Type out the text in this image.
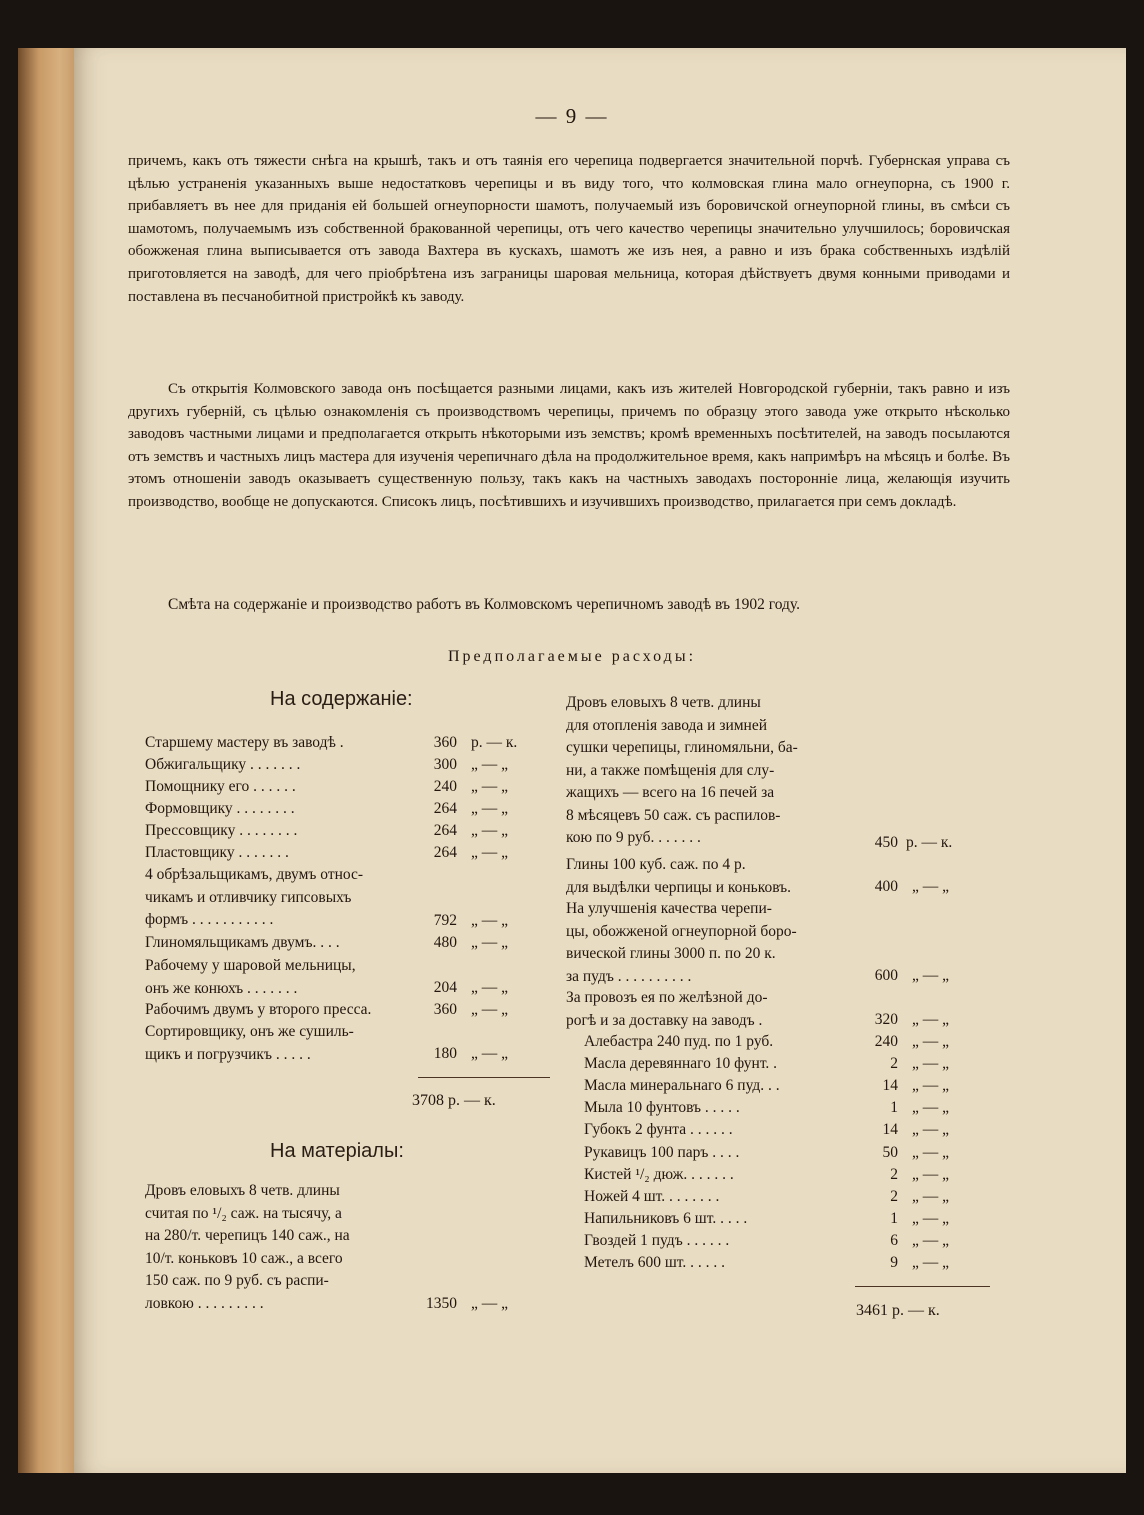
— 9 —
причемъ, какъ отъ тяжести снѣга на крышѣ, такъ и отъ таянія его черепица подвергается значительной порчѣ. Губернская управа съ цѣлью устраненія указанныхъ выше недостатковъ черепицы и въ виду того, что колмовская глина мало огнеупорна, съ 1900 г. прибавляетъ въ нее для приданія ей большей огнеупорности шамотъ, получаемый изъ боровичской огнеупорной глины, въ смѣси съ шамотомъ, получаемымъ изъ собственной бракованной черепицы, отъ чего качество черепицы значительно улучшилось; боровичская обожженая глина выписывается отъ завода Вахтера въ кускахъ, шамотъ же изъ нея, а равно и изъ брака собственныхъ издѣлій приготовляется на заводѣ, для чего пріобрѣтена изъ заграницы шаровая мельница, которая дѣйствуетъ двумя конными приводами и поставлена въ песчанобитной пристройкѣ къ заводу.
Съ открытія Колмовского завода онъ посѣщается разными лицами, какъ изъ жителей Новгородской губерніи, такъ равно и изъ другихъ губерній, съ цѣлью ознакомленія съ производствомъ черепицы, причемъ по образцу этого завода уже открыто нѣсколько заводовъ частными лицами и предполагается открыть нѣкоторыми изъ земствъ; кромѣ временныхъ посѣтителей, на заводъ посылаются отъ земствъ и частныхъ лицъ мастера для изученія черепичнаго дѣла на продолжительное время, какъ напримѣръ на мѣсяцъ и болѣе. Въ этомъ отношеніи заводъ оказываетъ существенную пользу, такъ какъ на частныхъ заводахъ посторонніе лица, желающія изучить производство, вообще не допускаются. Списокъ лицъ, посѣтившихъ и изучившихъ производство, прилагается при семъ докладѣ.
Смѣта на содержаніе и производство работъ въ Колмовскомъ черепичномъ заводѣ въ 1902 году.
Предполагаемые расходы:
На содержаніе:
Старшему мастеру въ заводѣ .	360 р. — к.
Обжигальщику . . . . . . .	300 „ — „
Помощнику его . . . . . .	240 „ — „
Формовщику . . . . . . . .	264 „ — „
Прессовщику . . . . . . . .	264 „ — „
Пластовщику . . . . . . .	264 „ — „
4 обрѣзальщикамъ, двумъ относ-
чикамъ и отливчику гипсовыхъ
формъ . . . . . . . . . . .	792 „ — „
Глиномяльщикамъ двумъ. . . .	480 „ — „
Рабочему у шаровой мельницы,
онъ же конюхъ . . . . . . .	204 „ — „
Рабочимъ двумъ у второго пресса.	360 „ — „
Сортировщику, онъ же сушиль-
щикъ и погрузчикъ . . . . .	180 „ — „
3708 р. — к.
На матеріалы:
Дровъ еловыхъ 8 четв. длины
считая по ¹/₂ саж. на тысячу, а
на 280/т. черепицъ 140 саж., на
10/т. коньковъ 10 саж., а всего
150 саж. по 9 руб. съ распи-
ловкою . . . . . . . . .	1350 „ — „
Дровъ еловыхъ 8 четв. длины
для отопленія завода и зимней
сушки черепицы, глиномяльни, ба-
ни, а также помѣщенія для слу-
жащихъ — всего на 16 печей за
8 мѣсяцевъ 50 саж. съ распилов-
кою по 9 руб. . . . . . .	450 р. — к.
Глины 100 куб. саж. по 4 р.
для выдѣлки черпицы и коньковъ.	400 „ — „
На улучшенія качества черепи-
цы, обожженой огнеупорной боро-
вичеcкой глины 3000 п. по 20 к.
за пудъ . . . . . . . . . .	600 „ — „
За провозъ ея по желѣзной до-
рогѣ и за доставку на заводъ .	320 „ — „
Алебастра 240 пуд. по 1 руб.	240 „ — „
Масла деревяннаго 10 фунт. .	2 „ — „
Масла минеральнаго 6 пуд. . .	14 „ — „
Мыла 10 фунтовъ . . . . .	1 „ — „
Губокъ 2 фунта . . . . . .	14 „ — „
Рукавицъ 100 паръ . . . .	50 „ — „
Кистей ¹/₂ дюж. . . . . . .	2 „ — „
Ножей 4 шт. . . . . . . .	2 „ — „
Напильниковъ 6 шт. . . . .	1 „ — „
Гвоздей 1 пудъ . . . . . .	6 „ — „
Метелъ 600 шт. . . . . .	9 „ — „
3461 р. — к.
